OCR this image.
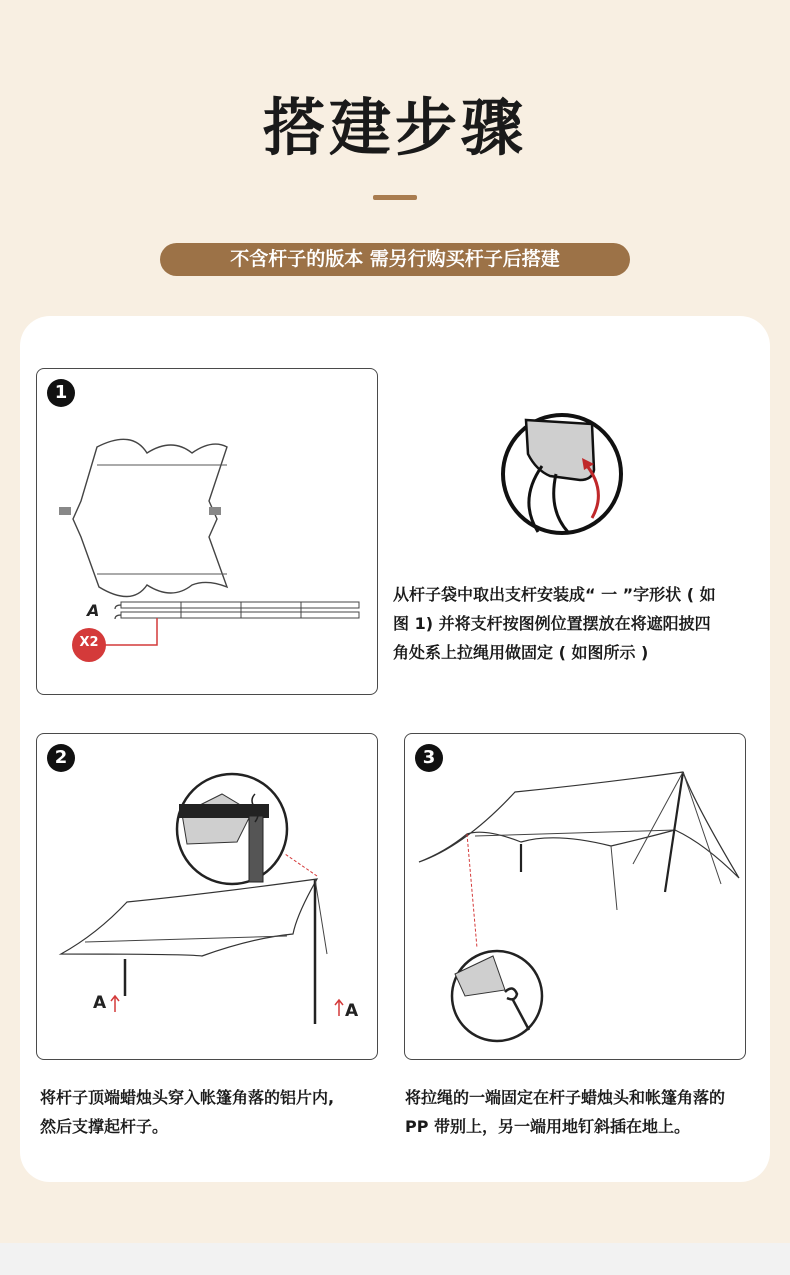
搭建步骤
不含杆子的版本 需另行购买杆子后搭建
1
A
X2
从杆子袋中取出支杆安装成“ 一 ”字形状 ( 如
图 1) 并将支杆按图例位置摆放在将遮阳披四
角处系上拉绳用做固定 ( 如图所示 )
2
A	A
3
将杆子顶端蜡烛头穿入帐篷角落的铝片内,
然后支撑起杆子。
将拉绳的一端固定在杆子蜡烛头和帐篷角落的
PP 带别上，另一端用地钉斜插在地上。
